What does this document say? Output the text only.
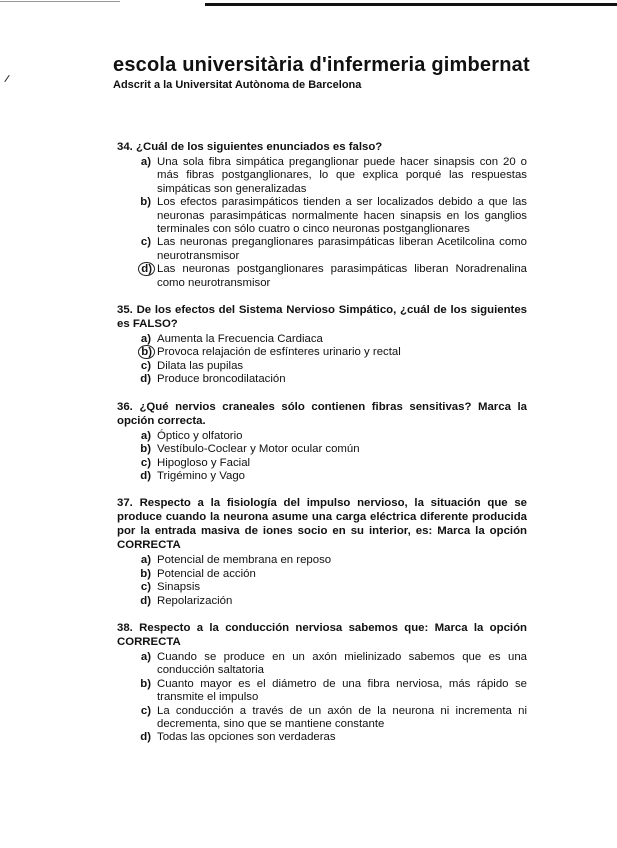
escola universitària d'infermeria gimbernat
Adscrit a la Universitat Autònoma de Barcelona
34. ¿Cuál de los siguientes enunciados es falso?
a) Una sola fibra simpática preganglionar puede hacer sinapsis con 20 o más fibras postganglionares, lo que explica porqué las respuestas simpáticas son generalizadas
b) Los efectos parasimpáticos tienden a ser localizados debido a que las neuronas parasimpáticas normalmente hacen sinapsis en los ganglios terminales con sólo cuatro o cinco neuronas postganglionares
c) Las neuronas preganglionares parasimpáticas liberan Acetilcolina como neurotransmisor
d) Las neuronas postganglionares parasimpáticas liberan Noradrenalina como neurotransmisor
35. De los efectos del Sistema Nervioso Simpático, ¿cuál de los siguientes es FALSO?
a) Aumenta la Frecuencia Cardiaca
b) Provoca relajación de esfínteres urinario y rectal
c) Dilata las pupilas
d) Produce broncodilatación
36. ¿Qué nervios craneales sólo contienen fibras sensitivas? Marca la opción correcta.
a) Óptico y olfatorio
b) Vestíbulo-Coclear y Motor ocular común
c) Hipogloso y Facial
d) Trigémino y Vago
37. Respecto a la fisiología del impulso nervioso, la situación que se produce cuando la neurona asume una carga eléctrica diferente producida por la entrada masiva de iones socio en su interior, es: Marca la opción CORRECTA
a) Potencial de membrana en reposo
b) Potencial de acción
c) Sinapsis
d) Repolarización
38. Respecto a la conducción nerviosa sabemos que: Marca la opción CORRECTA
a) Cuando se produce en un axón mielinizado sabemos que es una conducción saltatoria
b) Cuanto mayor es el diámetro de una fibra nerviosa, más rápido se transmite el impulso
c) La conducción a través de un axón de la neurona ni incrementa ni decrementa, sino que se mantiene constante
d) Todas las opciones son verdaderas
